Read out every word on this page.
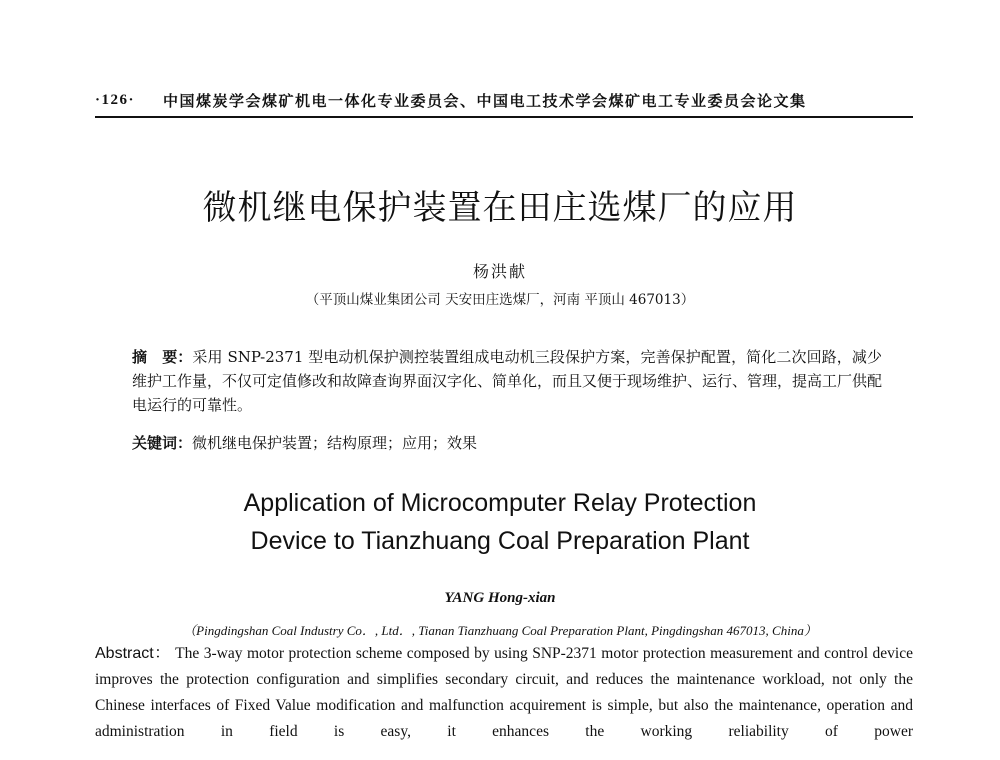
·126· 中国煤炭学会煤矿机电一体化专业委员会、中国电工技术学会煤矿电工专业委员会论文集
微机继电保护装置在田庄选煤厂的应用
杨洪献
（平顶山煤业集团公司 天安田庄选煤厂，河南 平顶山 467013）
摘　要：采用 SNP-2371 型电动机保护测控装置组成电动机三段保护方案，完善保护配置，简化二次回路，减少维护工作量，不仅可定值修改和故障查询界面汉字化、简单化，而且又便于现场维护、运行、管理，提高工厂供配电运行的可靠性。
关键词：微机继电保护装置；结构原理；应用；效果
Application of Microcomputer Relay Protection
Device to Tianzhuang Coal Preparation Plant
YANG Hong-xian
（Pingdingshan Coal Industry Co．, Ltd．, Tianan Tianzhuang Coal Preparation Plant, Pingdingshan 467013, China）
Abstract： The 3-way motor protection scheme composed by using SNP-2371 motor protection measurement and control device improves the protection configuration and simplifies secondary circuit, and reduces the maintenance workload, not only the Chinese interfaces of Fixed Value modification and malfunction acquirement is simple, but also the maintenance, operation and administration in field is easy, it enhances the working reliability of power
